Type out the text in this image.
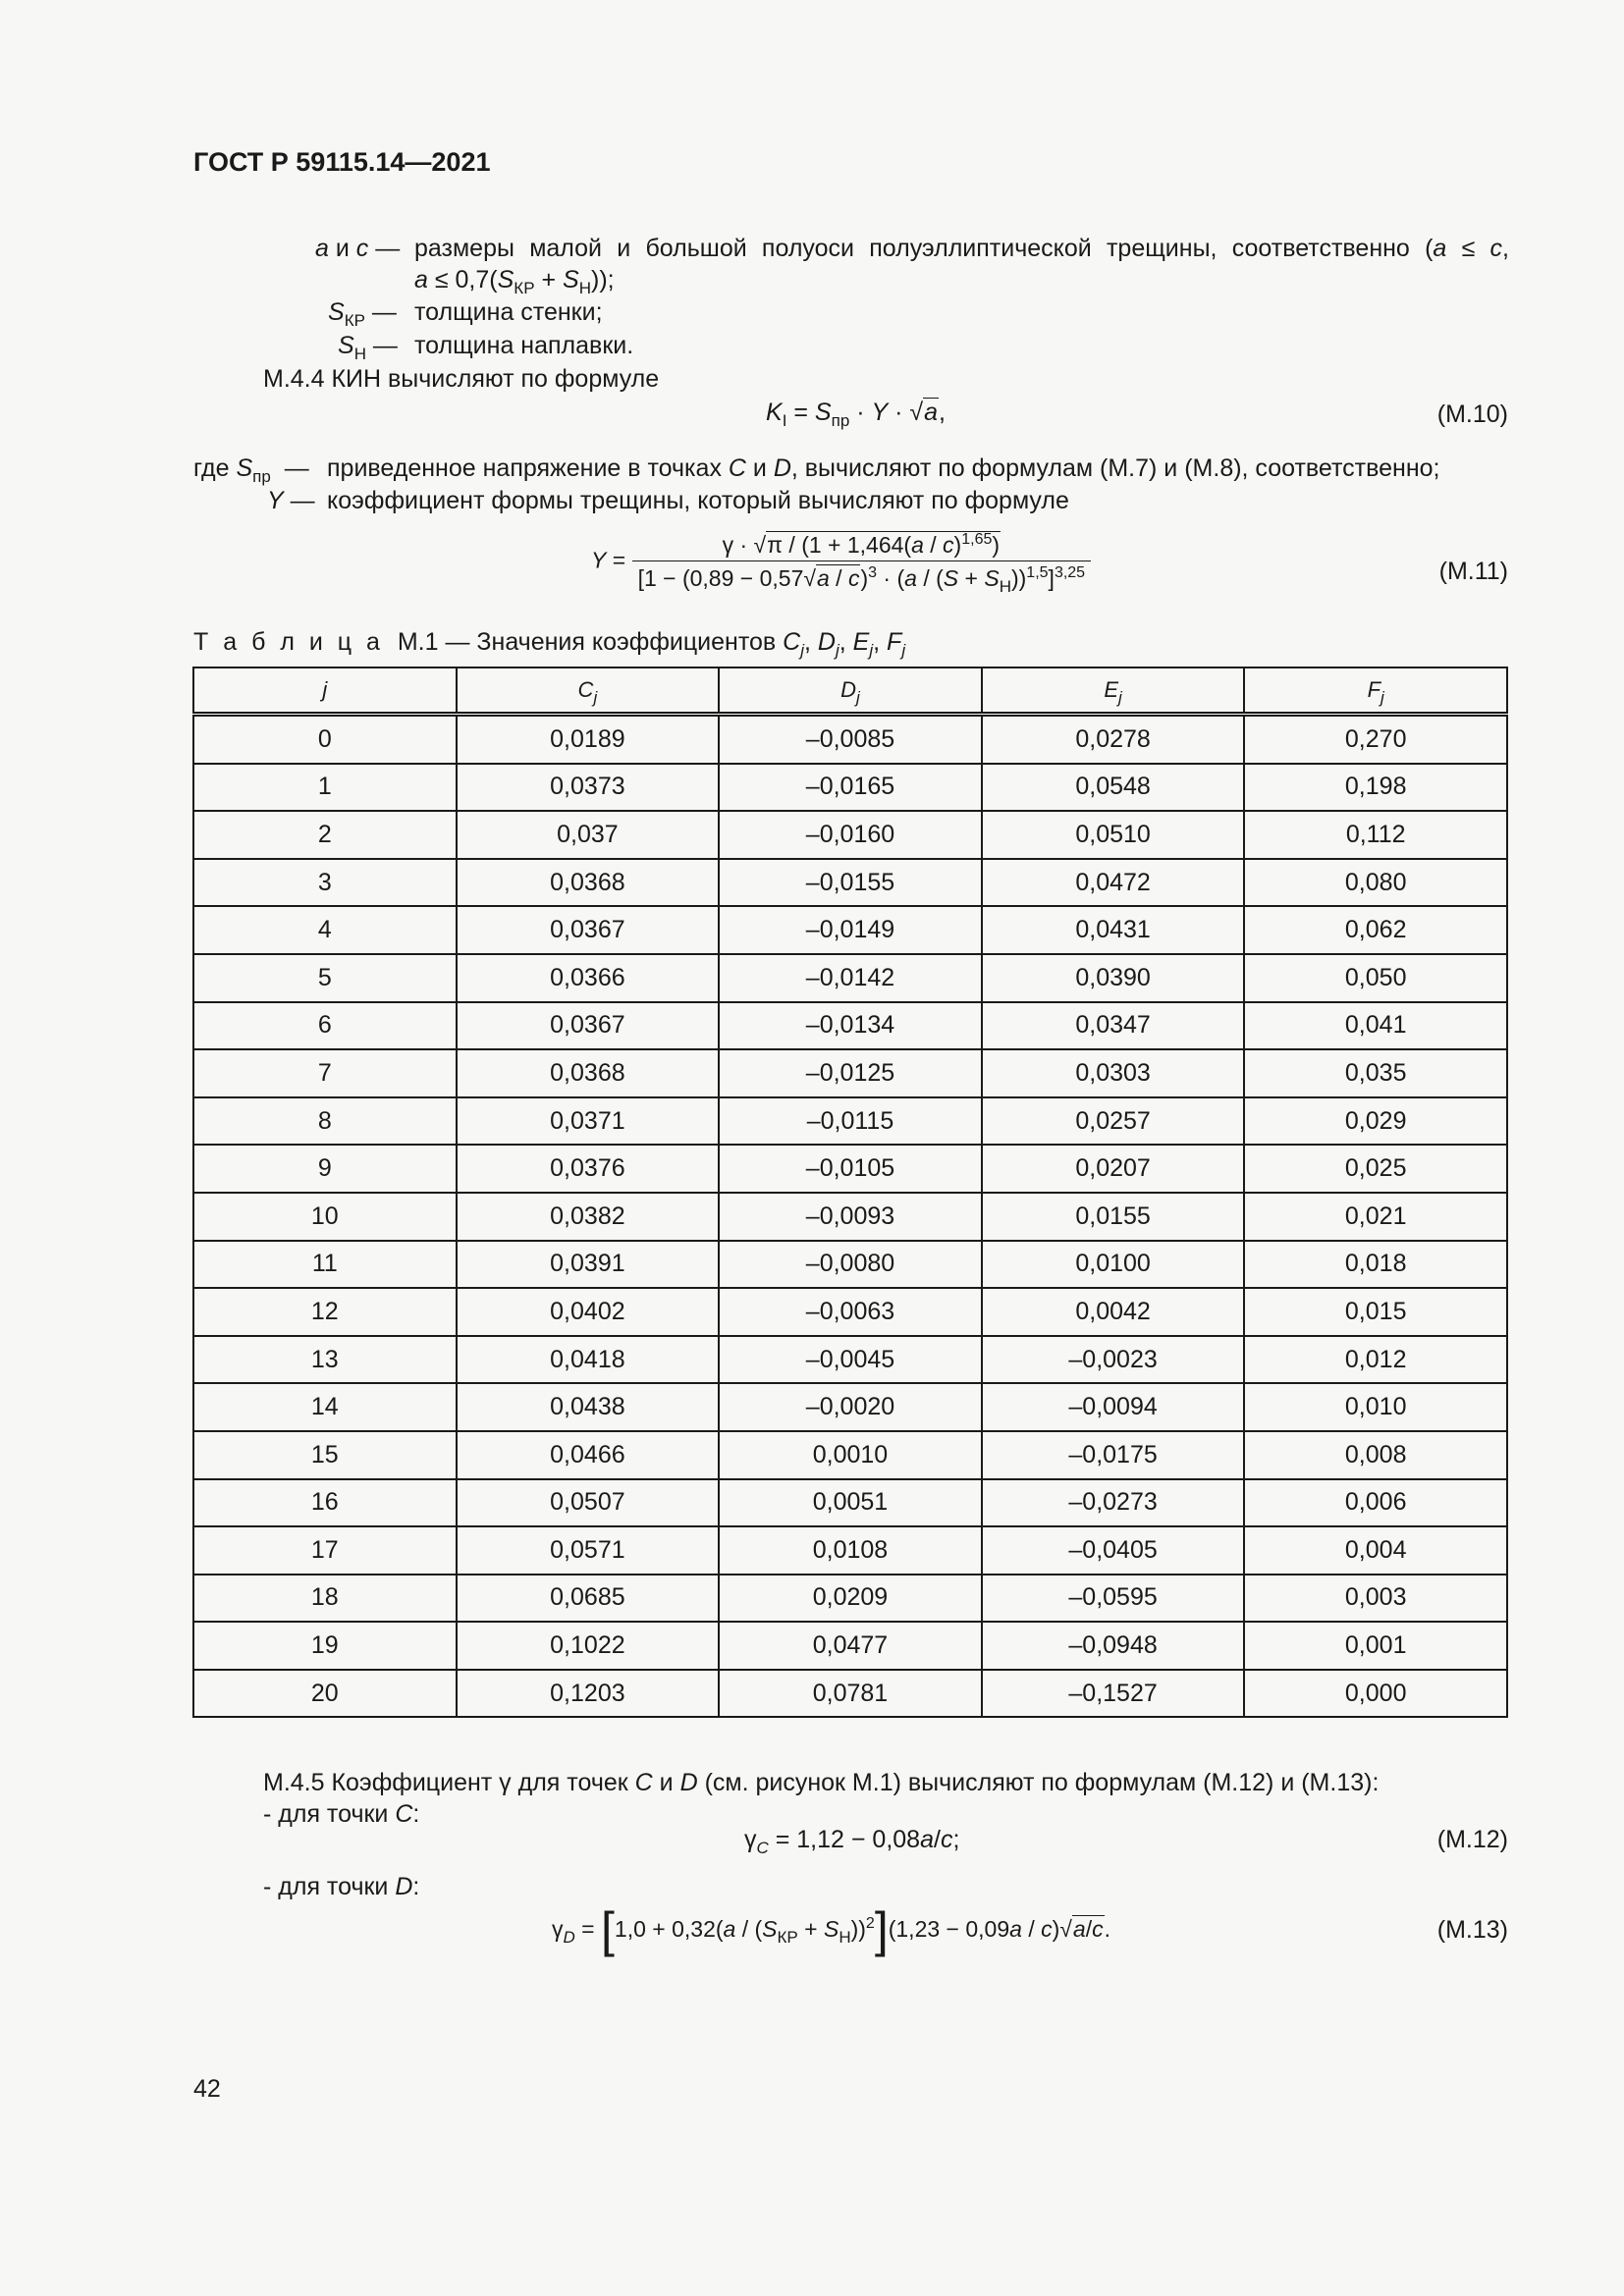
ГОСТ Р 59115.14—2021
a и c — размеры малой и большой полуоси полуэллиптической трещины, соответственно (a ≤ c,
$a \le 0,7(S_{КР} + S_Н)$);
$S_{КР}$ — толщина стенки;
$S_Н$ — толщина наплавки.
М.4.4 КИН вычисляют по формуле
$K_I = S_{пр} \cdot Y \cdot √a$,	(М.10)
где $S_{пр}$  — приведенное напряжение в точках C и D, вычисляют по формулам (М.7) и (М.8), соответственно;
Y — коэффициент формы трещины, который вычисляют по формуле
$Y = \frac{\gamma \cdot √\pi / (1 + 1,464(a / c)^{1,65})}{[1 - (0,89 - 0,57√a / c)^3 \cdot (a / (S + S_Н))^{1,5}]^{3,25}}$	(М.11)
Т а б л и ц а М.1 — Значения коэффициентов $C_j$, $D_j$, $E_j$, $F_j$
j	$C_j$	$D_j$	$E_j$	$F_j$
0	0,0189	–0,0085	0,0278	0,270
1	0,0373	–0,0165	0,0548	0,198
2	0,037	–0,0160	0,0510	0,112
3	0,0368	–0,0155	0,0472	0,080
4	0,0367	–0,0149	0,0431	0,062
5	0,0366	–0,0142	0,0390	0,050
6	0,0367	–0,0134	0,0347	0,041
7	0,0368	–0,0125	0,0303	0,035
8	0,0371	–0,0115	0,0257	0,029
9	0,0376	–0,0105	0,0207	0,025
10	0,0382	–0,0093	0,0155	0,021
11	0,0391	–0,0080	0,0100	0,018
12	0,0402	–0,0063	0,0042	0,015
13	0,0418	–0,0045	–0,0023	0,012
14	0,0438	–0,0020	–0,0094	0,010
15	0,0466	0,0010	–0,0175	0,008
16	0,0507	0,0051	–0,0273	0,006
17	0,0571	0,0108	–0,0405	0,004
18	0,0685	0,0209	–0,0595	0,003
19	0,1022	0,0477	–0,0948	0,001
20	0,1203	0,0781	–0,1527	0,000
М.4.5 Коэффициент γ для точек C и D (см. рисунок М.1) вычисляют по формулам (М.12) и (М.13):
- для точки C:
$\gamma_C = 1,12 - 0,08a/c$;	(М.12)
- для точки D:
$\gamma_D = [1,0 + 0,32(a / (S_{КР} + S_Н))^2](1,23 - 0,09a / c)√a/c$.	(М.13)
42
